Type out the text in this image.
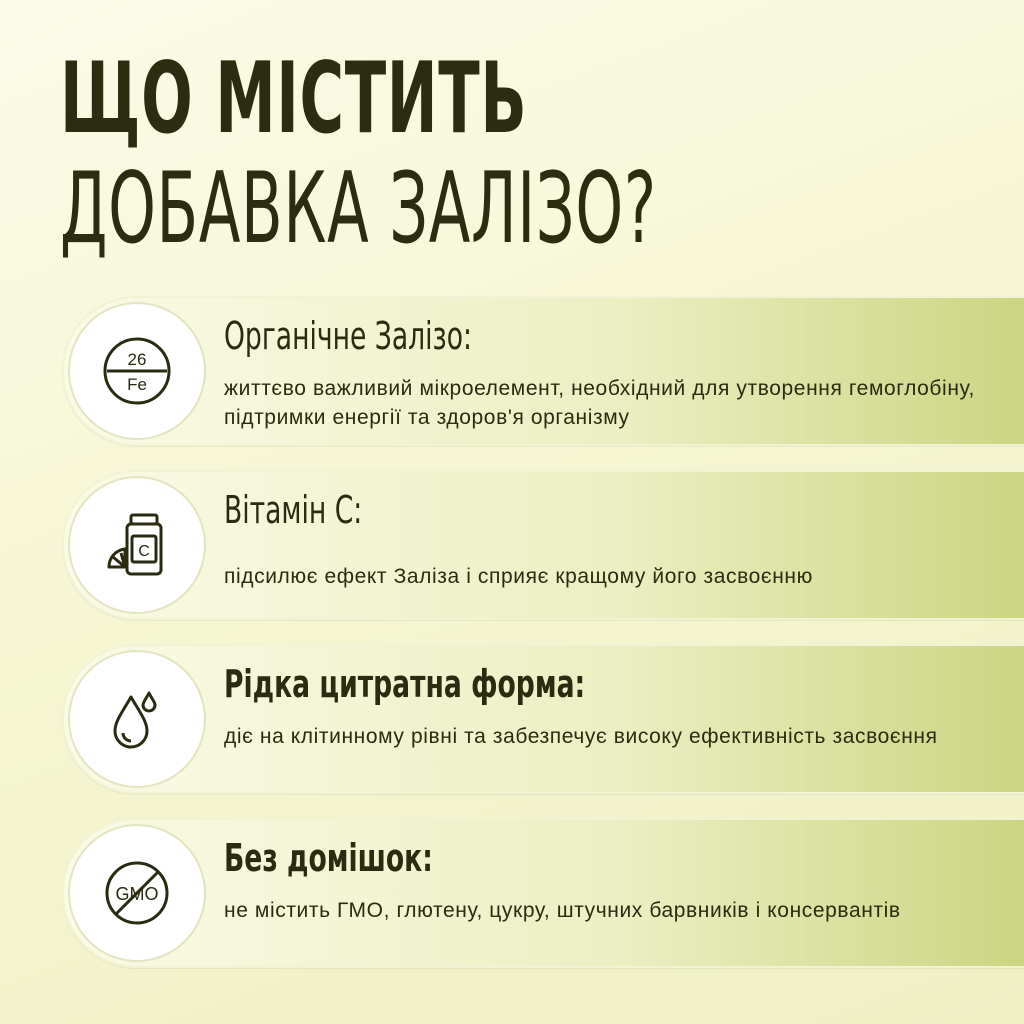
ЩО МІСТИТЬ
ДОБАВКА ЗАЛІЗО?
26
Fe
Органічне Залізо:

життєво важливий мікроелемент, необхідний для утворення гемоглобіну, підтримки енергії та здоров'я організму

C
Вітамін С:

підсилює ефект Заліза і сприяє кращому його засвоєнню

Рідка цитратна форма:

діє на клітинному рівні та забезпечує високу ефективність засвоєння

GMO
Без домішок:

не містить ГМО, глютену, цукру, штучних барвників і консервантів
